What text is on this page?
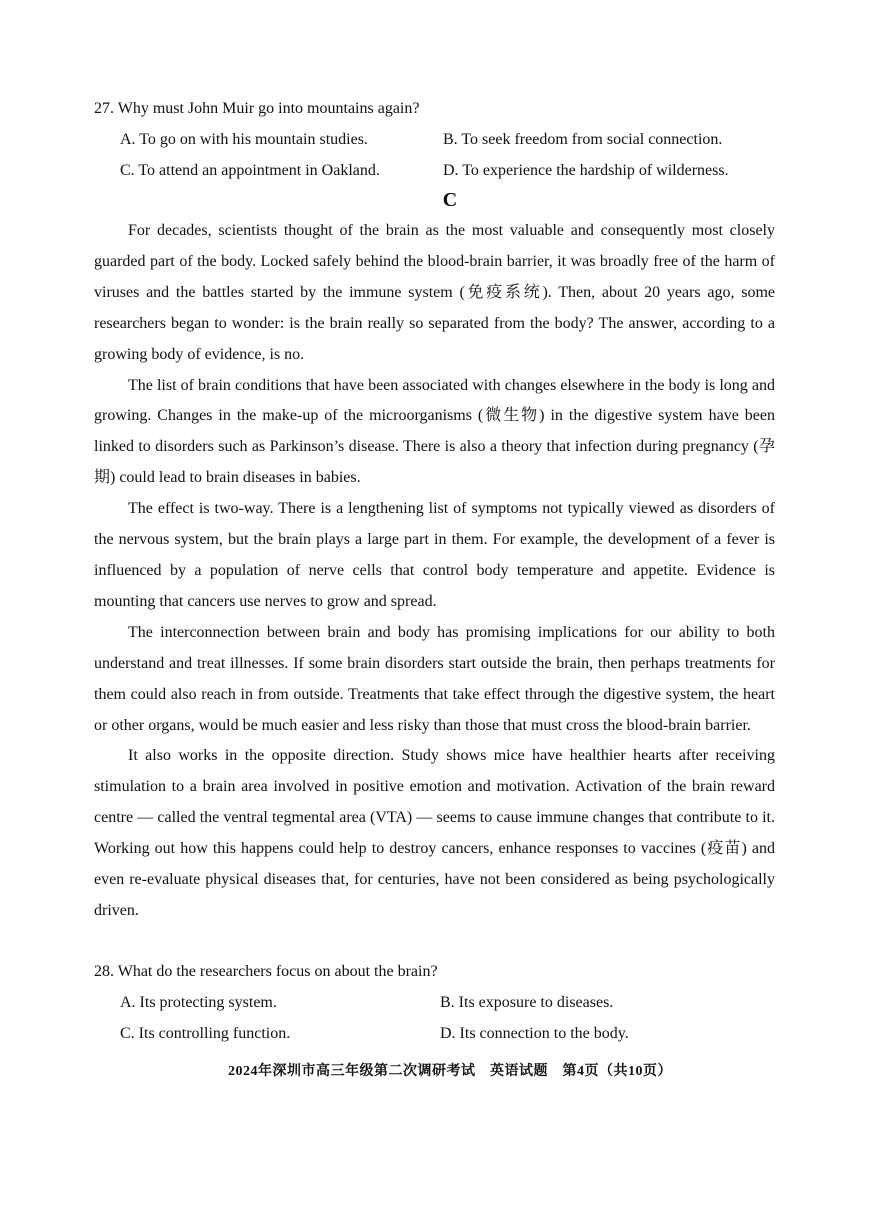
27. Why must John Muir go into mountains again?
A. To go on with his mountain studies.	B. To seek freedom from social connection.
C. To attend an appointment in Oakland.	D. To experience the hardship of wilderness.
C

For decades, scientists thought of the brain as the most valuable and consequently most closely guarded part of the body. Locked safely behind the blood-brain barrier, it was broadly free of the harm of viruses and the battles started by the immune system (免疫系统). Then, about 20 years ago, some researchers began to wonder: is the brain really so separated from the body? The answer, according to a growing body of evidence, is no.

The list of brain conditions that have been associated with changes elsewhere in the body is long and growing. Changes in the make-up of the microorganisms (微生物) in the digestive system have been linked to disorders such as Parkinson’s disease. There is also a theory that infection during pregnancy (孕期) could lead to brain diseases in babies.

The effect is two-way. There is a lengthening list of symptoms not typically viewed as disorders of the nervous system, but the brain plays a large part in them. For example, the development of a fever is influenced by a population of nerve cells that control body temperature and appetite. Evidence is mounting that cancers use nerves to grow and spread.

The interconnection between brain and body has promising implications for our ability to both understand and treat illnesses. If some brain disorders start outside the brain, then perhaps treatments for them could also reach in from outside. Treatments that take effect through the digestive system, the heart or other organs, would be much easier and less risky than those that must cross the blood-brain barrier.

It also works in the opposite direction. Study shows mice have healthier hearts after receiving stimulation to a brain area involved in positive emotion and motivation. Activation of the brain reward centre — called the ventral tegmental area (VTA) — seems to cause immune changes that contribute to it. Working out how this happens could help to destroy cancers, enhance responses to vaccines (疫苗) and even re-evaluate physical diseases that, for centuries, have not been considered as being psychologically driven.

28. What do the researchers focus on about the brain?
A. Its protecting system.	B. Its exposure to diseases.
C. Its controlling function.	D. Its connection to the body.
2024年深圳市高三年级第二次调研考试　英语试题　第4页（共10页）
